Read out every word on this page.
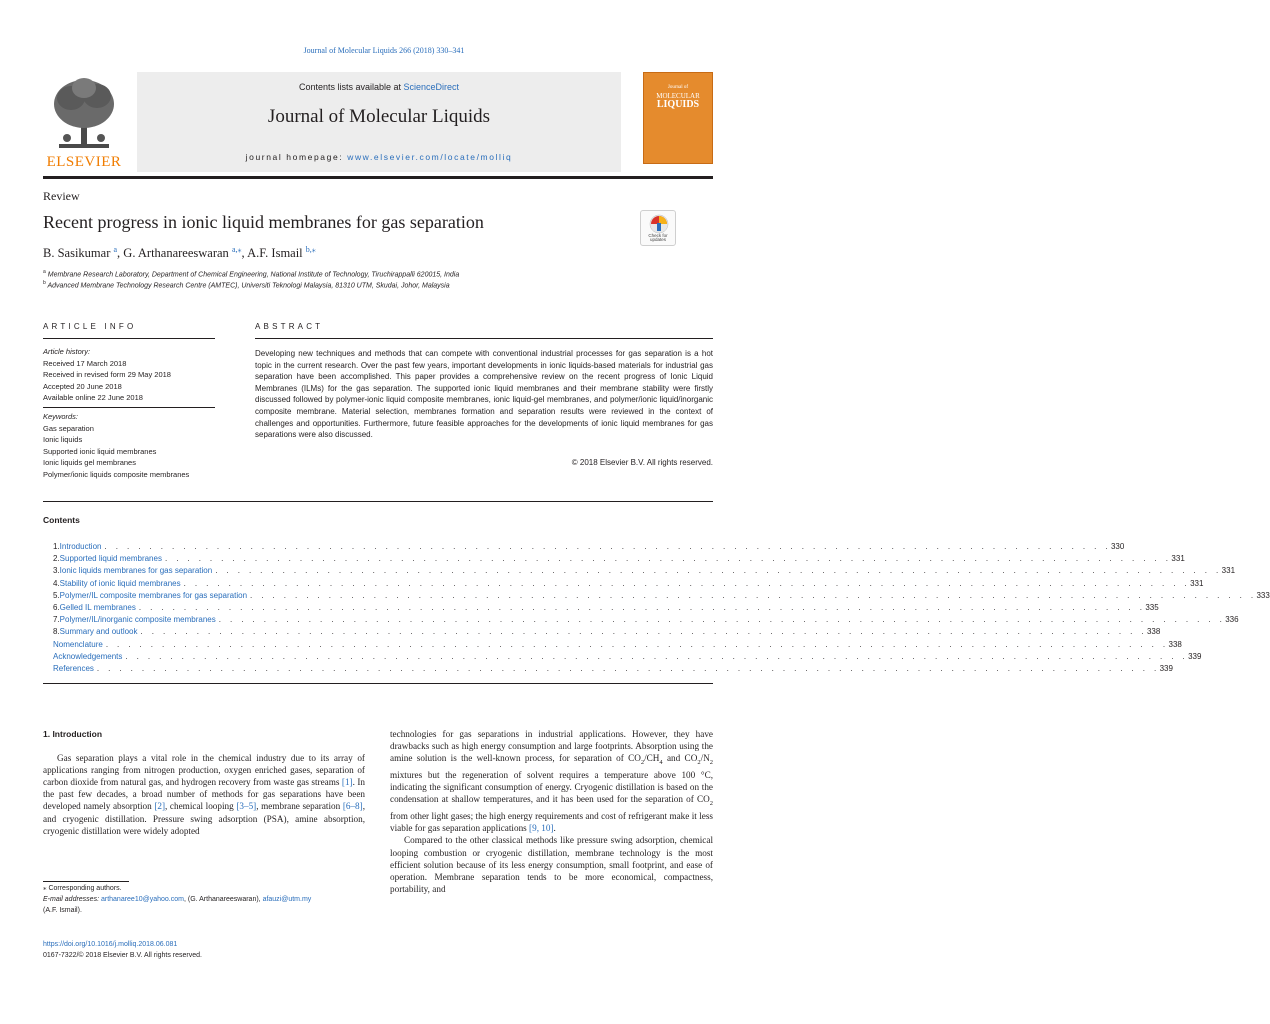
Journal of Molecular Liquids 266 (2018) 330–341
ELSEVIER
Contents lists available at ScienceDirect
Journal of Molecular Liquids
journal homepage: www.elsevier.com/locate/molliq
Journal of
MOLECULAR
LIQUIDS
Review
Recent progress in ionic liquid membranes for gas separation
Check for updates
B. Sasikumar $^a$, G. Arthanareeswaran $^{a,⁎}$, A.F. Ismail $^{b,⁎}$
$^a$ Membrane Research Laboratory, Department of Chemical Engineering, National Institute of Technology, Tiruchirappalli 620015, India
$^b$ Advanced Membrane Technology Research Centre (AMTEC), Universiti Teknologi Malaysia, 81310 UTM, Skudai, Johor, Malaysia
ARTICLE INFO	ABSTRACT
Article history:
Received 17 March 2018
Received in revised form 29 May 2018
Accepted 20 June 2018
Available online 22 June 2018
Keywords:
Gas separation
Ionic liquids
Supported ionic liquid membranes
Ionic liquids gel membranes
Polymer/ionic liquids composite membranes
Developing new techniques and methods that can compete with conventional industrial processes for gas separation is a hot topic in the current research. Over the past few years, important developments in ionic liquids-based materials for industrial gas separation have been accomplished. This paper provides a comprehensive review on the recent progress of Ionic Liquid Membranes (ILMs) for the gas separation. The supported ionic liquid membranes and their membrane stability were firstly discussed followed by polymer-ionic liquid composite membranes, ionic liquid-gel membranes, and polymer/ionic liquid/inorganic composite membrane. Material selection, membranes formation and separation results were reviewed in the context of challenges and opportunities. Furthermore, future feasible approaches for the developments of ionic liquid membranes for gas separations were also discussed.
© 2018 Elsevier B.V. All rights reserved.
Contents
1. Introduction . . . . . . . . . . . . . . . . . . . . . . . . . . . . . . . . . . . . . . . . . . . . . . . . . . . . . . . . . . . . . . . . . . . . . . . . . . . . . . . . . . . . . . . . . . 330
2. Supported liquid membranes . . . . . . . . . . . . . . . . . . . . . . . . . . . . . . . . . . . . . . . . . . . . . . . . . . . . . . . . . . . . . . . . . . . . . . . . . . . . . . . . . . . . . . . . . . 331
3. Ionic liquids membranes for gas separation . . . . . . . . . . . . . . . . . . . . . . . . . . . . . . . . . . . . . . . . . . . . . . . . . . . . . . . . . . . . . . . . . . . . . . . . . . . . . . . . . . . . . . . . . . 331
4. Stability of ionic liquid membranes . . . . . . . . . . . . . . . . . . . . . . . . . . . . . . . . . . . . . . . . . . . . . . . . . . . . . . . . . . . . . . . . . . . . . . . . . . . . . . . . . . . . . . . . . . 331
5. Polymer/IL composite membranes for gas separation . . . . . . . . . . . . . . . . . . . . . . . . . . . . . . . . . . . . . . . . . . . . . . . . . . . . . . . . . . . . . . . . . . . . . . . . . . . . . . . . . . . . . . . . . . 333
6. Gelled IL membranes . . . . . . . . . . . . . . . . . . . . . . . . . . . . . . . . . . . . . . . . . . . . . . . . . . . . . . . . . . . . . . . . . . . . . . . . . . . . . . . . . . . . . . . . . . 335
7. Polymer/IL/inorganic composite membranes . . . . . . . . . . . . . . . . . . . . . . . . . . . . . . . . . . . . . . . . . . . . . . . . . . . . . . . . . . . . . . . . . . . . . . . . . . . . . . . . . . . . . . . . . . 336
8. Summary and outlook . . . . . . . . . . . . . . . . . . . . . . . . . . . . . . . . . . . . . . . . . . . . . . . . . . . . . . . . . . . . . . . . . . . . . . . . . . . . . . . . . . . . . . . . . . 338
Nomenclature . . . . . . . . . . . . . . . . . . . . . . . . . . . . . . . . . . . . . . . . . . . . . . . . . . . . . . . . . . . . . . . . . . . . . . . . . . . . . . . . . . . . . . . . . . . . . . . 338
Acknowledgements . . . . . . . . . . . . . . . . . . . . . . . . . . . . . . . . . . . . . . . . . . . . . . . . . . . . . . . . . . . . . . . . . . . . . . . . . . . . . . . . . . . . . . . . . . . . . . . 339
References . . . . . . . . . . . . . . . . . . . . . . . . . . . . . . . . . . . . . . . . . . . . . . . . . . . . . . . . . . . . . . . . . . . . . . . . . . . . . . . . . . . . . . . . . . . . . . . 339

1. Introduction

Gas separation plays a vital role in the chemical industry due to its array of applications ranging from nitrogen production, oxygen enriched gases, separation of carbon dioxide from natural gas, and hydrogen recovery from waste gas streams [1]. In the past few decades, a broad number of methods for gas separations have been developed namely absorption [2], chemical looping [3–5], membrane separation [6–8], and cryogenic distillation. Pressure swing adsorption (PSA), amine absorption, cryogenic distillation were widely adopted

technologies for gas separations in industrial applications. However, they have drawbacks such as high energy consumption and large footprints. Absorption using the amine solution is the well-known process, for separation of $CO_2/CH_4$ and $CO_2/N_2$ mixtures but the regeneration of solvent requires a temperature above 100 °C, indicating the significant consumption of energy. Cryogenic distillation is based on the condensation at shallow temperatures, and it has been used for the separation of $CO_2$ from other light gases; the high energy requirements and cost of refrigerant make it less viable for gas separation applications [9, 10].

Compared to the other classical methods like pressure swing adsorption, chemical looping combustion or cryogenic distillation, membrane technology is the most efficient solution because of its less energy consumption, small footprint, and ease of operation. Membrane separation tends to be more economical, compactness, portability, and

⁎ Corresponding authors.
E-mail addresses: arthanaree10@yahoo.com, (G. Arthanareeswaran), afauzi@utm.my
(A.F. Ismail).
https://doi.org/10.1016/j.molliq.2018.06.081
0167-7322/© 2018 Elsevier B.V. All rights reserved.
